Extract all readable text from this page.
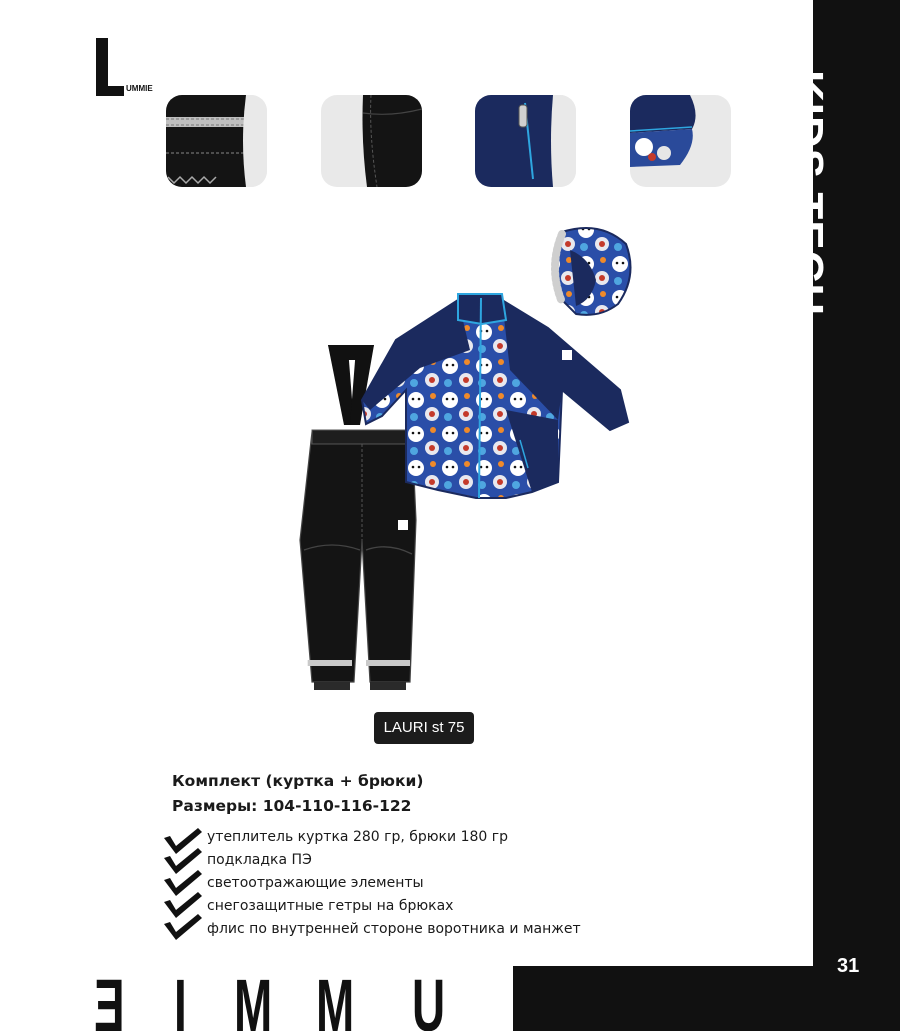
UMMIE
LAURI st 75
Комплект (куртка + брюки)
Размеры: 104-110-116-122
утеплитель куртка 280 гр, брюки 180 гр
подкладка ПЭ
светоотражающие элементы
снегозащитные гетры на брюках
флис по внутренней стороне воротника и манжет
Ǝ I M M U
KIDS TECH
31
